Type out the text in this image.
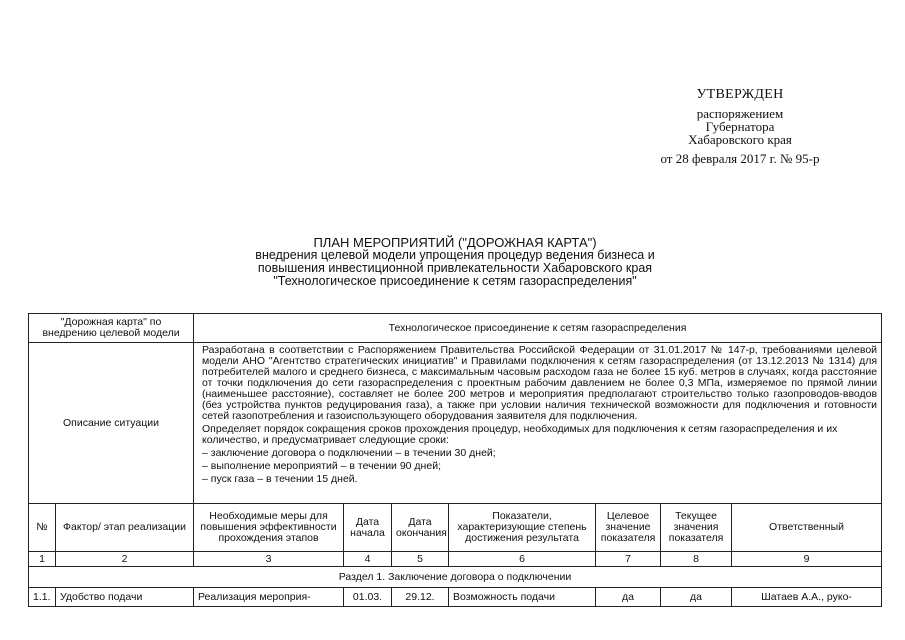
УТВЕРЖДЕН
распоряжением
Губернатора
Хабаровского края
от 28 февраля 2017 г. № 95-р
ПЛАН МЕРОПРИЯТИЙ ("ДОРОЖНАЯ КАРТА")
внедрения целевой модели упрощения процедур ведения бизнеса и
повышения инвестиционной привлекательности Хабаровского края
"Технологическое присоединение к сетям газораспределения"
"Дорожная карта" по внедрению целевой модели		Технологическое присоединение к сетям газораспределения						
Описание ситуации		Разработана в соответствии с Распоряжением Правительства Российской Федерации от 31.01.2017 № 147-р, требованиями целевой модели АНО "Агентство стратегических инициатив" и Правилами подключения к сетям газораспределения (от 13.12.2013 № 1314) для потребителей малого и среднего бизнеса, с максимальным часовым расходом газа не более 15 куб. метров в случаях, когда расстояние от точки подключения до сети газораспределения с проектным рабочим давлением не более 0,3 МПа, измеряемое по прямой линии (наименьшее расстояние), составляет не более 200 метров и мероприятия предполагают строительство только газопроводов-вводов (без устройства пунктов редуцирования газа), а также при условии наличия технической возможности для подключения и готовности сетей газопотребления и газоиспользующего оборудования заявителя для подключения.

Определяет порядок сокращения сроков прохождения процедур, необходимых для подключения к сетям газораспределения и их количество, и предусматривает следующие сроки:

– заключение договора о подключении – в течении 30 дней;

– выполнение мероприятий – в течении 90 дней;

– пуск газа – в течении 15 дней.						

№	Фактор/ этап реализации	Необходимые меры для повышения эффективности прохождения этапов	Дата начала	Дата окончания	Показатели, характеризующие степень достижения результата	Целевое значение показателя	Текущее значения показателя	Ответственный
1	2	3	4	5	6	7	8	9
Раздел 1. Заключение договора о подключении								
1.1.	Удобство подачи	Реализация мероприя-	01.03.	29.12.	Возможность подачи	да	да	Шатаев А.А., руко-
